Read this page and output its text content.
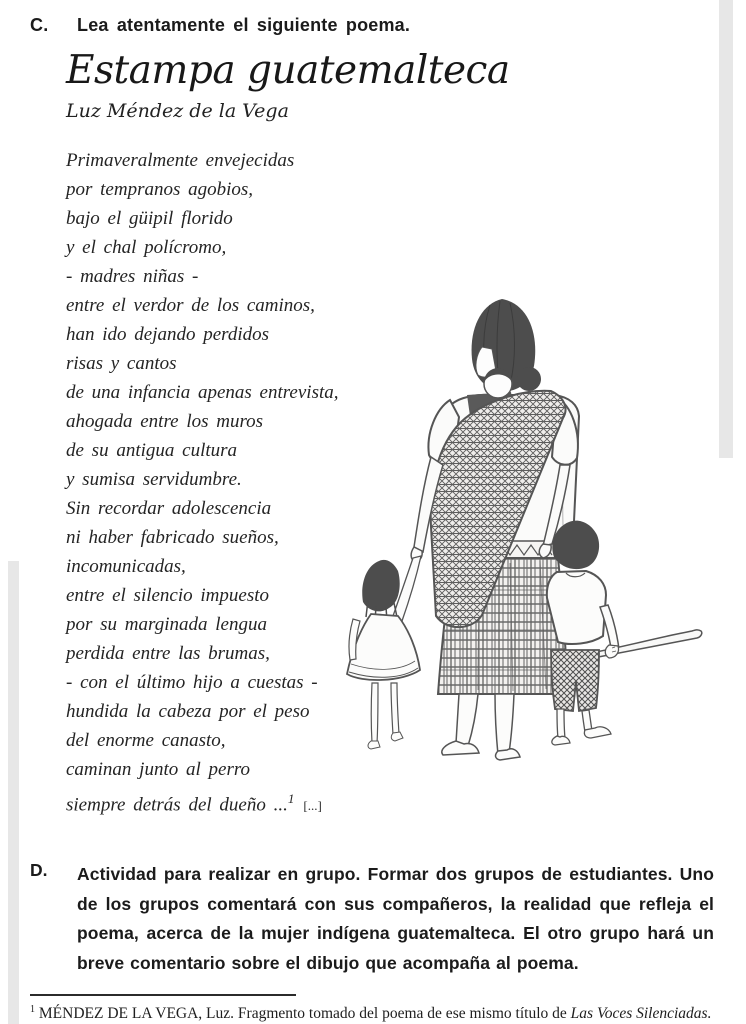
C. Lea atentamente el siguiente poema.
Estampa guatemalteca
Luz Méndez de la Vega
Primaveralmente envejecidas
por tempranos agobios,
bajo el güipil florido
y el chal polícromo,
- madres niñas -
entre el verdor de los caminos,
han ido dejando perdidos
risas y cantos
de una infancia apenas entrevista,
ahogada entre los muros
de su antigua cultura
y sumisa servidumbre.
Sin recordar adolescencia
ni haber fabricado sueños,
incomunicadas,
entre el silencio impuesto
por su marginada lengua
perdida entre las brumas,
- con el último hijo a cuestas -
hundida la cabeza por el peso
del enorme canasto,
caminan junto al perro
siempre detrás del dueño ...$^1$ [...]
D. Actividad para realizar en grupo. Formar dos grupos de estudiantes. Uno de los grupos comentará con sus compañeros, la realidad que refleja el poema, acerca de la mujer indígena guatemalteca. El otro grupo hará un breve comentario sobre el dibujo que acompaña al poema.
$^1$ MÉNDEZ DE LA VEGA, Luz. Fragmento tomado del poema de ese mismo título de Las Voces Silenciadas.
